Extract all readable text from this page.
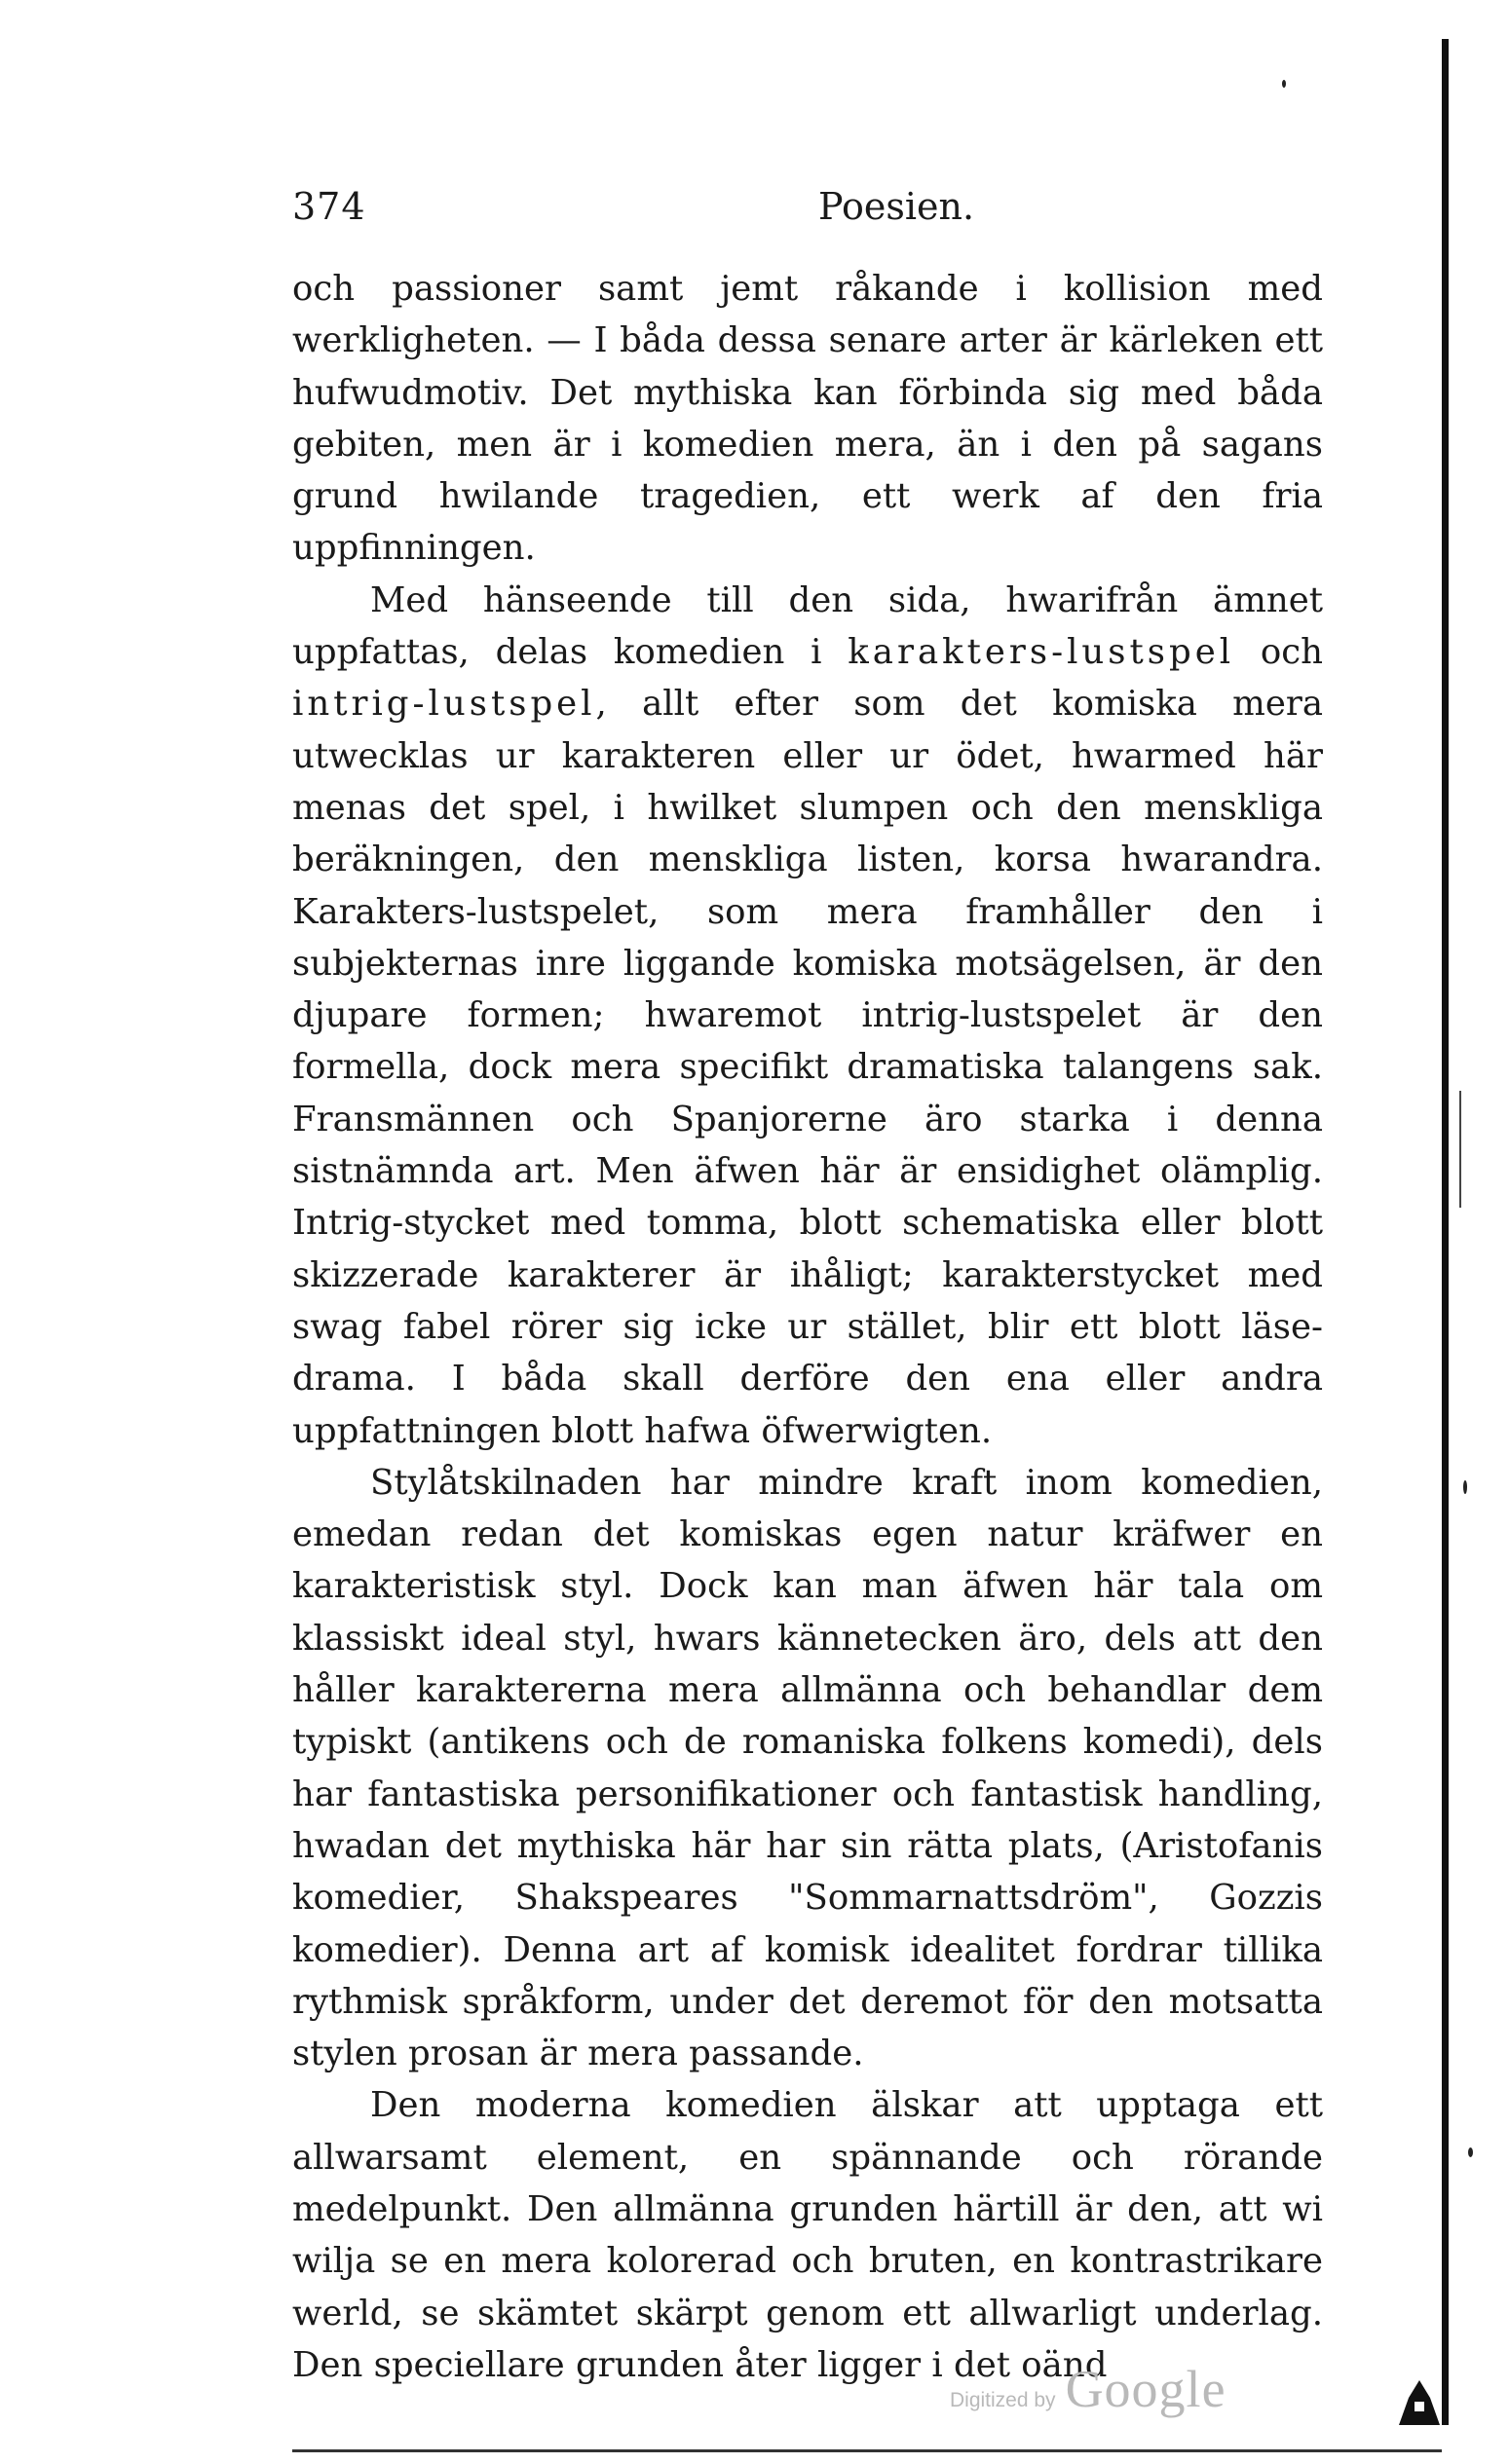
374	Poesien.

och passioner samt jemt råkande i kollision med werkligheten. — I båda dessa senare arter är kärleken ett hufwudmotiv. Det mythiska kan förbinda sig med båda gebiten, men är i komedien mera, än i den på sagans grund hwilande tragedien, ett werk af den fria uppfinningen.

Med hänseende till den sida, hwarifrån ämnet uppfattas, delas komedien i karakters-lustspel och intrig-lustspel, allt efter som det komiska mera utwecklas ur karakteren eller ur ödet, hwarmed här menas det spel, i hwilket slumpen och den menskliga beräkningen, den menskliga listen, korsa hwarandra. Karakters-lustspelet, som mera framhåller den i subjekternas inre liggande komiska motsägelsen, är den djupare formen; hwaremot intrig-lustspelet är den formella, dock mera specifikt dramatiska talangens sak. Fransmännen och Spanjorerne äro starka i denna sistnämnda art. Men äfwen här är ensidighet olämplig. Intrig-stycket med tomma, blott schematiska eller blott skizzerade karakterer är ihåligt; karakterstycket med swag fabel rörer sig icke ur stället, blir ett blott läse-drama. I båda skall derföre den ena eller andra uppfattningen blott hafwa öfwerwigten.

Stylåtskilnaden har mindre kraft inom komedien, emedan redan det komiskas egen natur kräfwer en karakteristisk styl. Dock kan man äfwen här tala om klassiskt ideal styl, hwars kännetecken äro, dels att den håller karaktererna mera allmänna och behandlar dem typiskt (antikens och de romaniska folkens komedi), dels har fantastiska personifikationer och fantastisk handling, hwadan det mythiska här har sin rätta plats, (Aristofanis komedier, Shakspeares "Sommarnattsdröm", Gozzis komedier). Denna art af komisk idealitet fordrar tillika rythmisk språkform, under det deremot för den motsatta stylen prosan är mera passande.

Den moderna komedien älskar att upptaga ett allwarsamt element, en spännande och rörande medelpunkt. Den allmänna grunden härtill är den, att wi wilja se en mera kolorerad och bruten, en kontrastrikare werld, se skämtet skärpt genom ett allwarligt underlag. Den speciellare grunden åter ligger i det oänd

Digitized by Google
